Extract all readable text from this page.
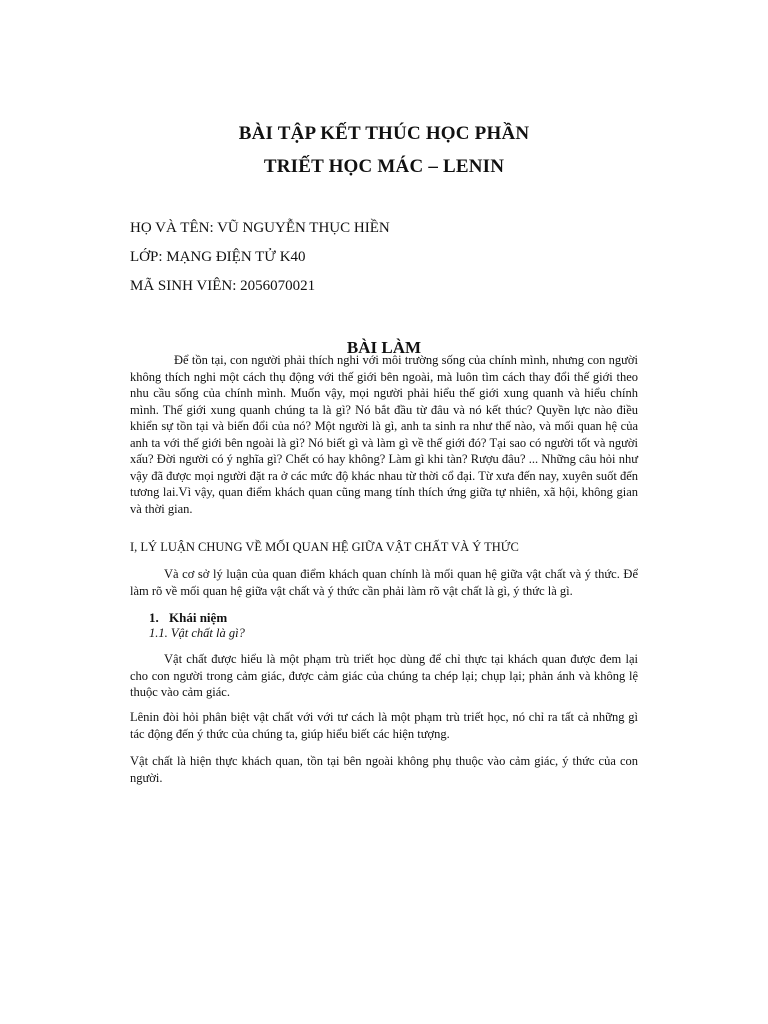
BÀI TẬP KẾT THÚC HỌC PHẦN
TRIẾT HỌC MÁC – LENIN

HỌ VÀ TÊN: VŨ NGUYỄN THỤC HIỀN

LỚP: MẠNG ĐIỆN TỬ K40

MÃ SINH VIÊN: 2056070021

BÀI LÀM

Để tồn tại, con người phải thích nghi với môi trường sống của chính mình, nhưng con người không thích nghi một cách thụ động với thế giới bên ngoài, mà luôn tìm cách thay đổi thế giới theo nhu cầu sống của chính mình. Muốn vậy, mọi người phải hiểu thế giới xung quanh và hiểu chính mình. Thế giới xung quanh chúng ta là gì? Nó bắt đầu từ đâu và nó kết thúc? Quyền lực nào điều khiển sự tồn tại và biến đổi của nó? Một người là gì, anh ta sinh ra như thế nào, và mối quan hệ của anh ta với thế giới bên ngoài là gì? Nó biết gì và làm gì về thế giới đó? Tại sao có người tốt và người xấu? Đời người có ý nghĩa gì? Chết có hay không? Làm gì khi tàn? Rượu đâu? ... Những câu hỏi như vậy đã được mọi người đặt ra ở các mức độ khác nhau từ thời cổ đại. Từ xưa đến nay, xuyên suốt đến tương lai.Vì vậy, quan điểm khách quan cũng mang tính thích ứng giữa tự nhiên, xã hội, không gian và thời gian.

I, LÝ LUẬN CHUNG VỀ MỐI QUAN HỆ GIỮA VẬT CHẤT VÀ Ý THỨC

Và cơ sở lý luận của quan điểm khách quan chính là mối quan hệ giữa vật chất và ý thức. Để làm rõ về mối quan hệ giữa vật chất và ý thức cần phải làm rõ vật chất là gì, ý thức là gì.

1. Khái niệm

1.1. Vật chất là gì?

Vật chất được hiểu là một phạm trù triết học dùng để chỉ thực tại khách quan được đem lại cho con người trong cảm giác, được cảm giác của chúng ta chép lại; chụp lại; phản ánh và không lệ thuộc vào cảm giác.

Lênin đòi hỏi phân biệt vật chất với với tư cách là một phạm trù triết học, nó chỉ ra tất cả những gì tác động đến ý thức của chúng ta, giúp hiểu biết các hiện tượng.

Vật chất là hiện thực khách quan, tồn tại bên ngoài không phụ thuộc vào cảm giác, ý thức của con người.
